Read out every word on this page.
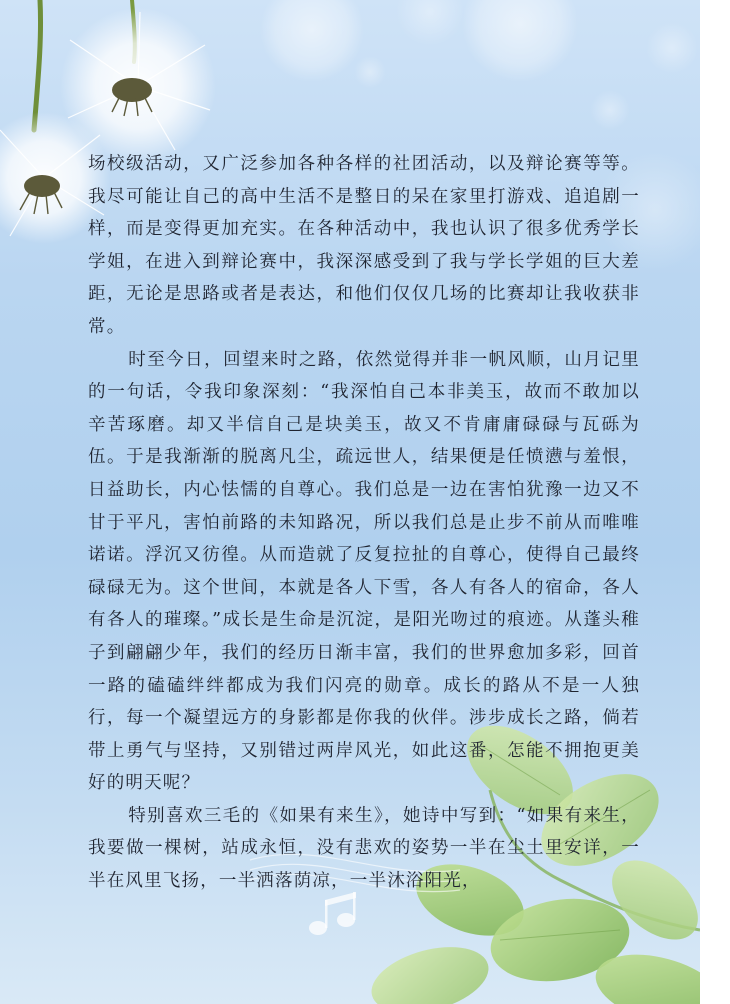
场校级活动，又广泛参加各种各样的社团活动，以及辩论赛等等。我尽可能让自己的高中生活不是整日的呆在家里打游戏、追追剧一样，而是变得更加充实。在各种活动中，我也认识了很多优秀学长学姐，在进入到辩论赛中，我深深感受到了我与学长学姐的巨大差距，无论是思路或者是表达，和他们仅仅几场的比赛却让我收获非常。

时至今日，回望来时之路，依然觉得并非一帆风顺，山月记里的一句话，令我印象深刻：“我深怕自己本非美玉，故而不敢加以辛苦琢磨。却又半信自己是块美玉，故又不肯庸庸碌碌与瓦砾为伍。于是我渐渐的脱离凡尘，疏远世人，结果便是任愤懑与羞恨，日益助长，内心怯懦的自尊心。我们总是一边在害怕犹豫一边又不甘于平凡，害怕前路的未知路况，所以我们总是止步不前从而唯唯诺诺。浮沉又彷徨。从而造就了反复拉扯的自尊心，使得自己最终碌碌无为。这个世间，本就是各人下雪，各人有各人的宿命，各人有各人的璀璨。”成长是生命是沉淀，是阳光吻过的痕迹。从蓬头稚子到翩翩少年，我们的经历日渐丰富，我们的世界愈加多彩，回首一路的磕磕绊绊都成为我们闪亮的勋章。成长的路从不是一人独行，每一个凝望远方的身影都是你我的伙伴。涉步成长之路，倘若带上勇气与坚持，又别错过两岸风光，如此这番，怎能不拥抱更美好的明天呢？

特别喜欢三毛的《如果有来生》，她诗中写到：“如果有来生，我要做一棵树，站成永恒，没有悲欢的姿势一半在尘土里安详，一半在风里飞扬，一半洒落荫凉，一半沐浴阳光，
